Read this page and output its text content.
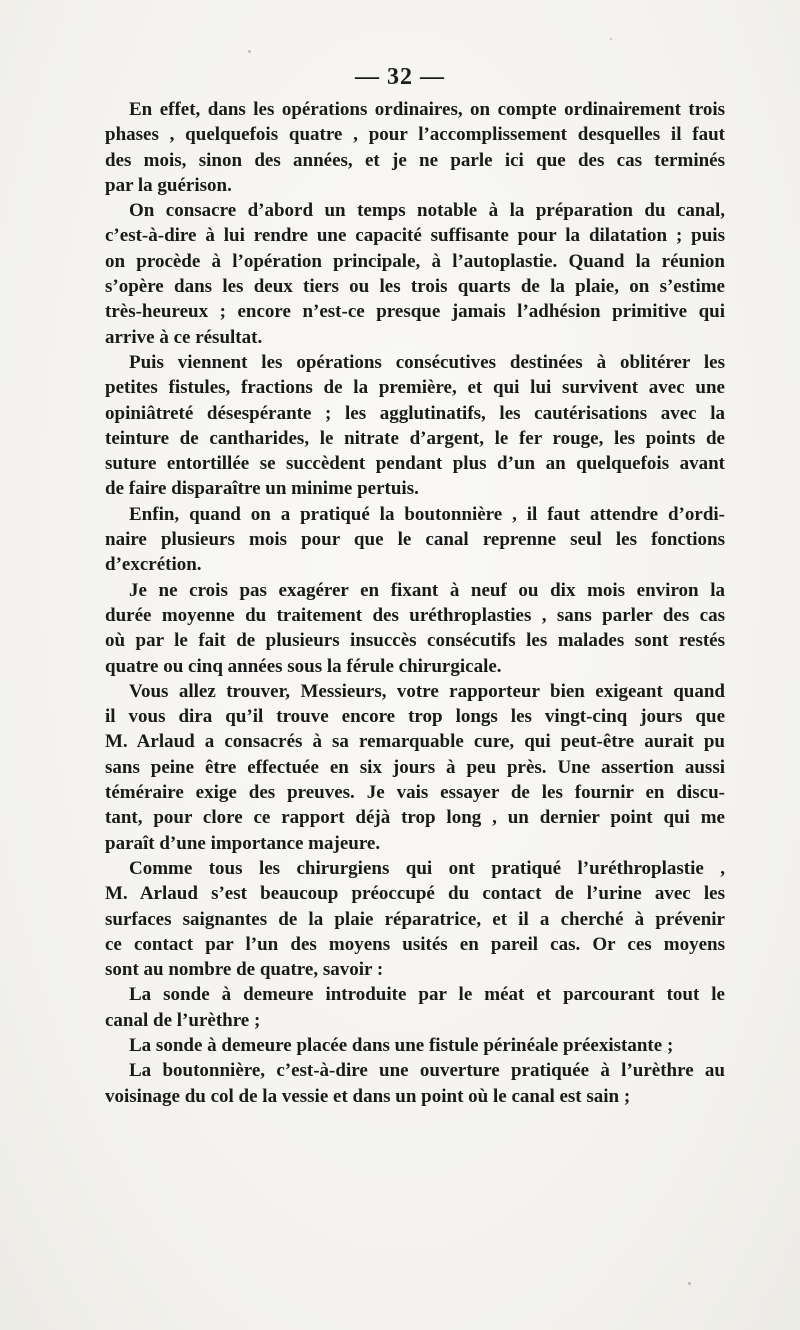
— 32 —
En effet, dans les opérations ordinaires, on compte ordinairement trois
phases , quelquefois quatre , pour l’accomplissement desquelles il faut
des mois, sinon des années, et je ne parle ici que des cas terminés
par la guérison.
On consacre d’abord un temps notable à la préparation du canal,
c’est-à-dire à lui rendre une capacité suffisante pour la dilatation ; puis
on procède à l’opération principale, à l’autoplastie. Quand la réunion
s’opère dans les deux tiers ou les trois quarts de la plaie, on s’estime
très-heureux ; encore n’est-ce presque jamais l’adhésion primitive qui
arrive à ce résultat.
Puis viennent les opérations consécutives destinées à oblitérer les
petites fistules, fractions de la première, et qui lui survivent avec une
opiniâtreté désespérante ; les agglutinatifs, les cautérisations avec la
teinture de cantharides, le nitrate d’argent, le fer rouge, les points de
suture entortillée se succèdent pendant plus d’un an quelquefois avant
de faire disparaître un minime pertuis.
Enfin, quand on a pratiqué la boutonnière , il faut attendre d’ordi-
naire plusieurs mois pour que le canal reprenne seul les fonctions
d’excrétion.
Je ne crois pas exagérer en fixant à neuf ou dix mois environ la
durée moyenne du traitement des uréthroplasties , sans parler des cas
où par le fait de plusieurs insuccès consécutifs les malades sont restés
quatre ou cinq années sous la férule chirurgicale.
Vous allez trouver, Messieurs, votre rapporteur bien exigeant quand
il vous dira qu’il trouve encore trop longs les vingt-cinq jours que
M. Arlaud a consacrés à sa remarquable cure, qui peut-être aurait pu
sans peine être effectuée en six jours à peu près. Une assertion aussi
téméraire exige des preuves. Je vais essayer de les fournir en discu-
tant, pour clore ce rapport déjà trop long , un dernier point qui me
paraît d’une importance majeure.
Comme tous les chirurgiens qui ont pratiqué l’uréthroplastie ,
M. Arlaud s’est beaucoup préoccupé du contact de l’urine avec les
surfaces saignantes de la plaie réparatrice, et il a cherché à prévenir
ce contact par l’un des moyens usités en pareil cas. Or ces moyens
sont au nombre de quatre, savoir :
La sonde à demeure introduite par le méat et parcourant tout le
canal de l’urèthre ;
La sonde à demeure placée dans une fistule périnéale préexistante ;
La boutonnière, c’est-à-dire une ouverture pratiquée à l’urèthre au
voisinage du col de la vessie et dans un point où le canal est sain ;
